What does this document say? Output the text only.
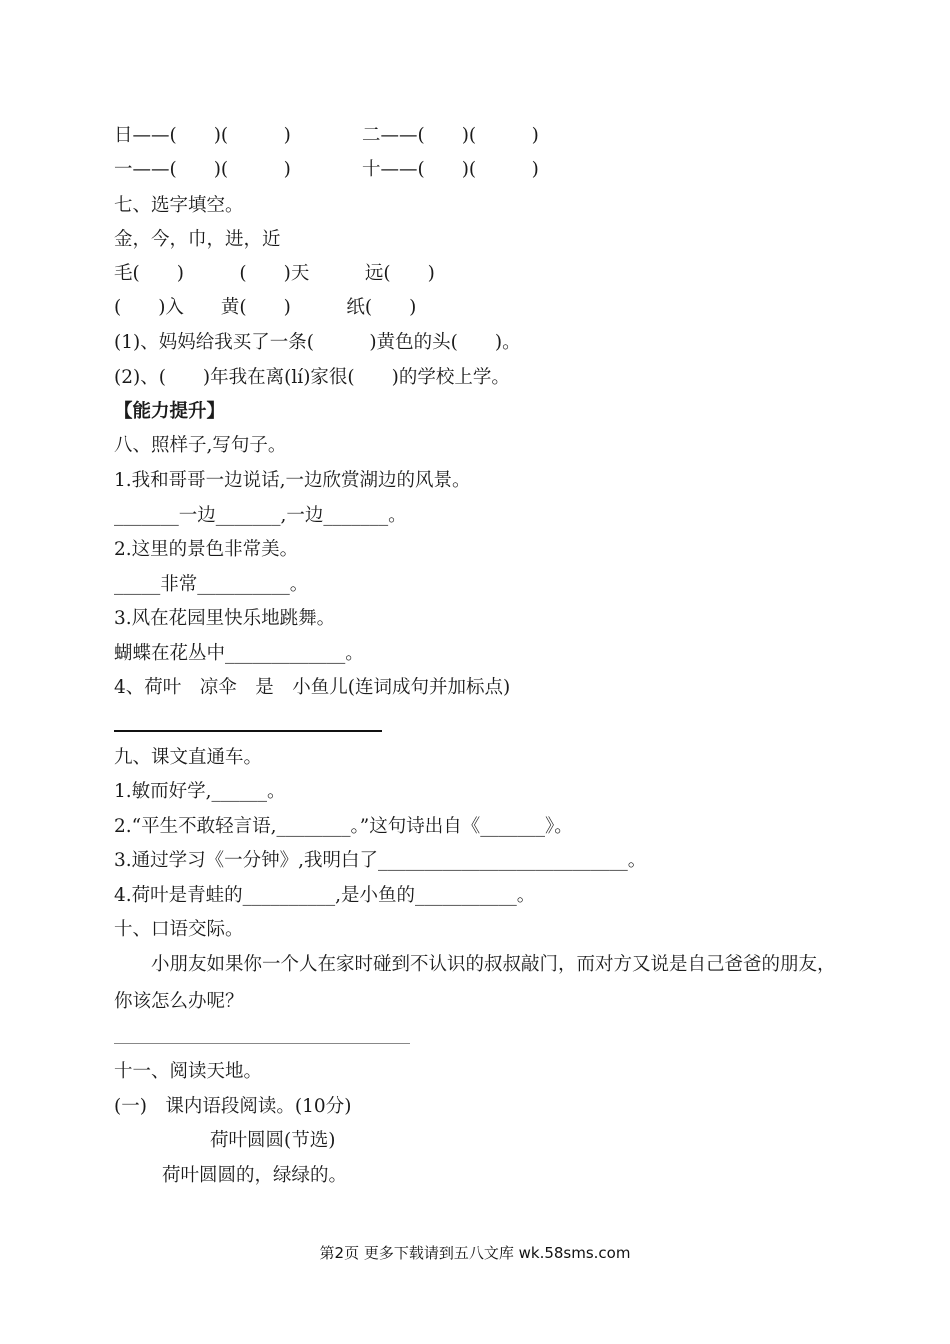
日——(　　)(　　　)	二——(　　)(　　　)
一——(　　)(　　　)	十——(　　)(　　　)
七、选字填空。
金，今，巾，进，近
毛(　　)　　　(　　)天　　　远(　　)
(　　)入　　黄(　　)　　　纸(　　)
(1)、妈妈给我买了一条(　　　)黄色的头(　　)。
(2)、(　　)年我在离(lí)家很(　　)的学校上学。
【能力提升】
八、照样子,写句子。
1.我和哥哥一边说话,一边欣赏湖边的风景。
_______一边_______,一边_______。
2.这里的景色非常美。
_____非常__________。
3.风在花园里快乐地跳舞。
蝴蝶在花丛中_____________。
4、荷叶　凉伞　是　小鱼儿(连词成句并加标点)
九、课文直通车。
1.敏而好学,______。
2.“平生不敢轻言语,________。”这句诗出自《_______》。
3.通过学习《一分钟》,我明白了___________________________。
4.荷叶是青蛙的__________,是小鱼的___________。
十、口语交际。
　　小朋友如果你一个人在家时碰到不认识的叔叔敲门，而对方又说是自己爸爸的朋友，
你该怎么办呢？
十一、阅读天地。
(一)　课内语段阅读。(10分)
荷叶圆圆(节选)
荷叶圆圆的，绿绿的。
第2页 更多下载请到五八文库 wk.58sms.com
